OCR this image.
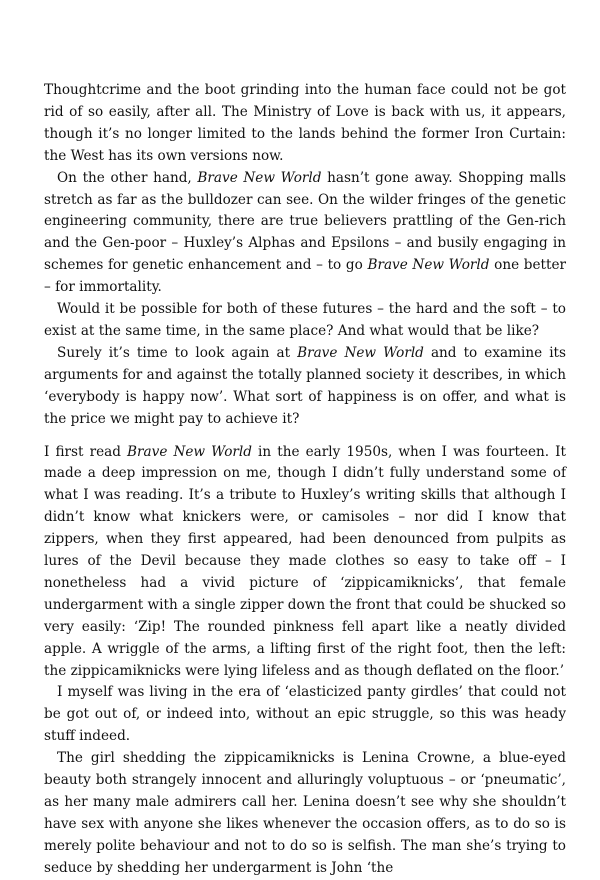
Thoughtcrime and the boot grinding into the human face could not be got rid of so easily, after all. The Ministry of Love is back with us, it appears, though it’s no longer limited to the lands behind the former Iron Curtain: the West has its own versions now.

On the other hand, Brave New World hasn’t gone away. Shopping malls stretch as far as the bulldozer can see. On the wilder fringes of the genetic engineering community, there are true believers prattling of the Gen-rich and the Gen-poor – Huxley’s Alphas and Epsilons – and busily engaging in schemes for genetic enhancement and – to go Brave New World one better – for immortality.

Would it be possible for both of these futures – the hard and the soft – to exist at the same time, in the same place? And what would that be like?

Surely it’s time to look again at Brave New World and to examine its arguments for and against the totally planned society it describes, in which ‘everybody is happy now’. What sort of happiness is on offer, and what is the price we might pay to achieve it?

I first read Brave New World in the early 1950s, when I was fourteen. It made a deep impression on me, though I didn’t fully understand some of what I was reading. It’s a tribute to Huxley’s writing skills that although I didn’t know what knickers were, or camisoles – nor did I know that zippers, when they first appeared, had been denounced from pulpits as lures of the Devil because they made clothes so easy to take off – I nonetheless had a vivid picture of ‘zippicamiknicks’, that female undergarment with a single zipper down the front that could be shucked so very easily: ‘Zip! The rounded pinkness fell apart like a neatly divided apple. A wriggle of the arms, a lifting first of the right foot, then the left: the zippicamiknicks were lying lifeless and as though deflated on the floor.’

I myself was living in the era of ‘elasticized panty girdles’ that could not be got out of, or indeed into, without an epic struggle, so this was heady stuff indeed.

The girl shedding the zippicamiknicks is Lenina Crowne, a blue-eyed beauty both strangely innocent and alluringly voluptuous – or ‘pneumatic’, as her many male admirers call her. Lenina doesn’t see why she shouldn’t have sex with anyone she likes whenever the occasion offers, as to do so is merely polite behaviour and not to do so is selfish. The man she’s trying to seduce by shedding her undergarment is John ‘the
